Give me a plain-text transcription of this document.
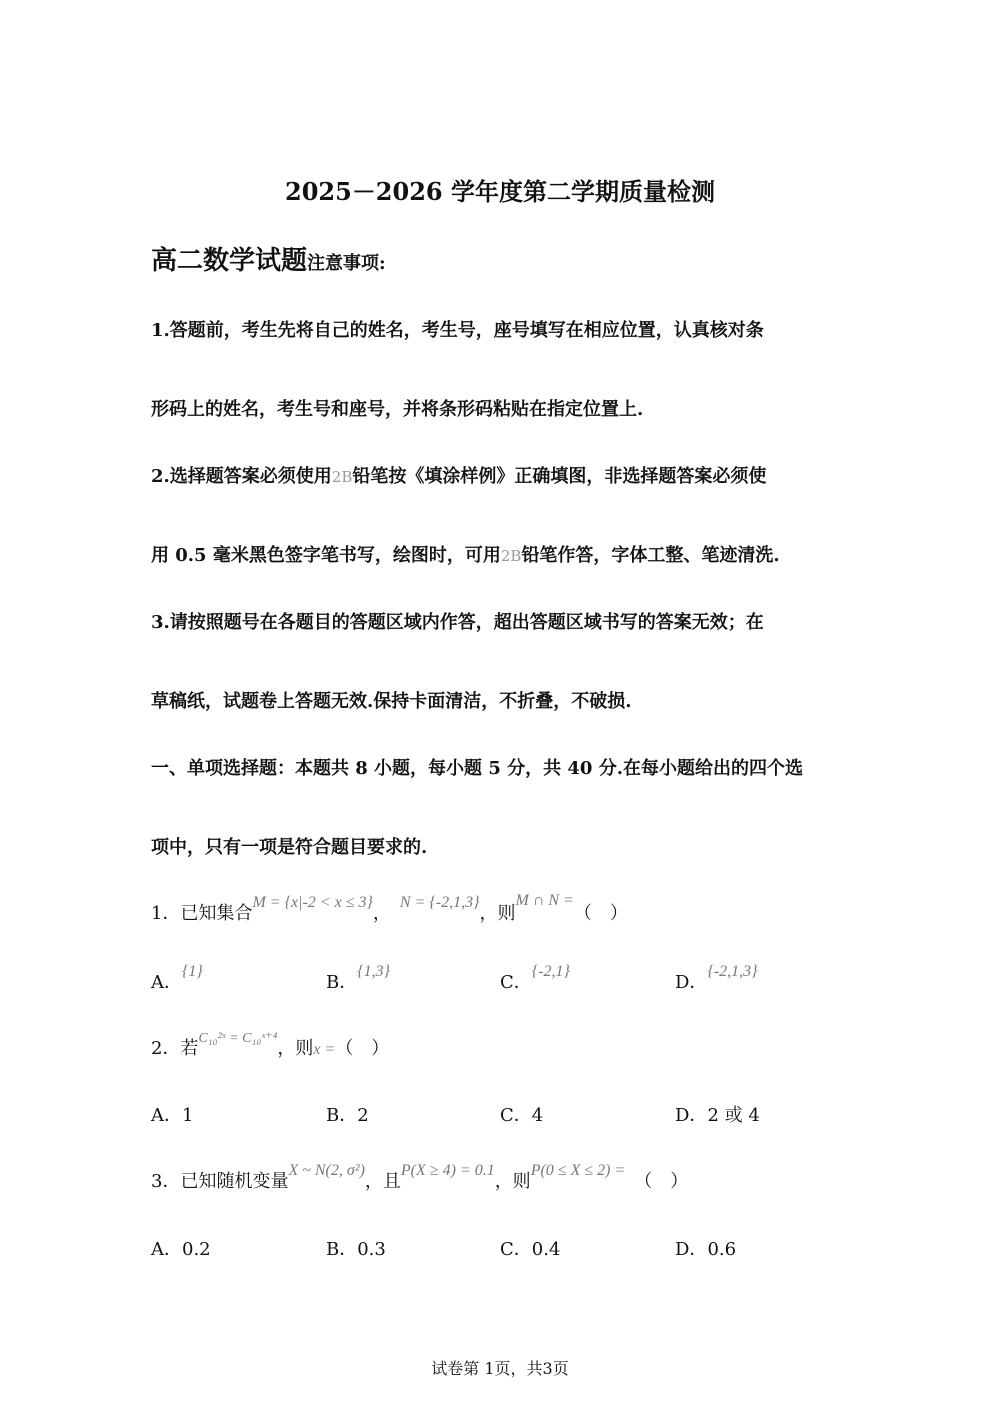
2025－2026 学年度第二学期质量检测
高二数学试题注意事项:
1.答题前，考生先将自己的姓名，考生号，座号填写在相应位置，认真核对条
形码上的姓名，考生号和座号，并将条形码粘贴在指定位置上.
2.选择题答案必须使用2B铅笔按《填涂样例》正确填图，非选择题答案必须使
用 0.5 毫米黑色签字笔书写，绘图时，可用2B铅笔作答，字体工整、笔迹清洗.
3.请按照题号在各题目的答题区域内作答，超出答题区域书写的答案无效；在
草稿纸，试题卷上答题无效.保持卡面清洁，不折叠，不破损.
一、单项选择题：本题共 8 小题，每小题 5 分，共 40 分.在每小题给出的四个选
项中，只有一项是符合题目要求的.
1．已知集合M = {x|-2 < x ≤ 3}，　N = {-2,1,3}，则M ∩ N =（　）
A．{1}
B．{1,3}
C．{-2,1}
D．{-2,1,3}
2．若$^{C_{10}^2ˣ = C_{10}ˣ^{+4}}$，则x =（　）
A．1	B．2	C．4	D．2 或 4
3．已知随机变量X ~ N(2, σ²)，且P(X ≥ 4) = 0.1，则P(0 ≤ X ≤ 2) =　（　）
A．0.2	B．0.3	C．0.4	D．0.6
试卷第 1页，共3页
